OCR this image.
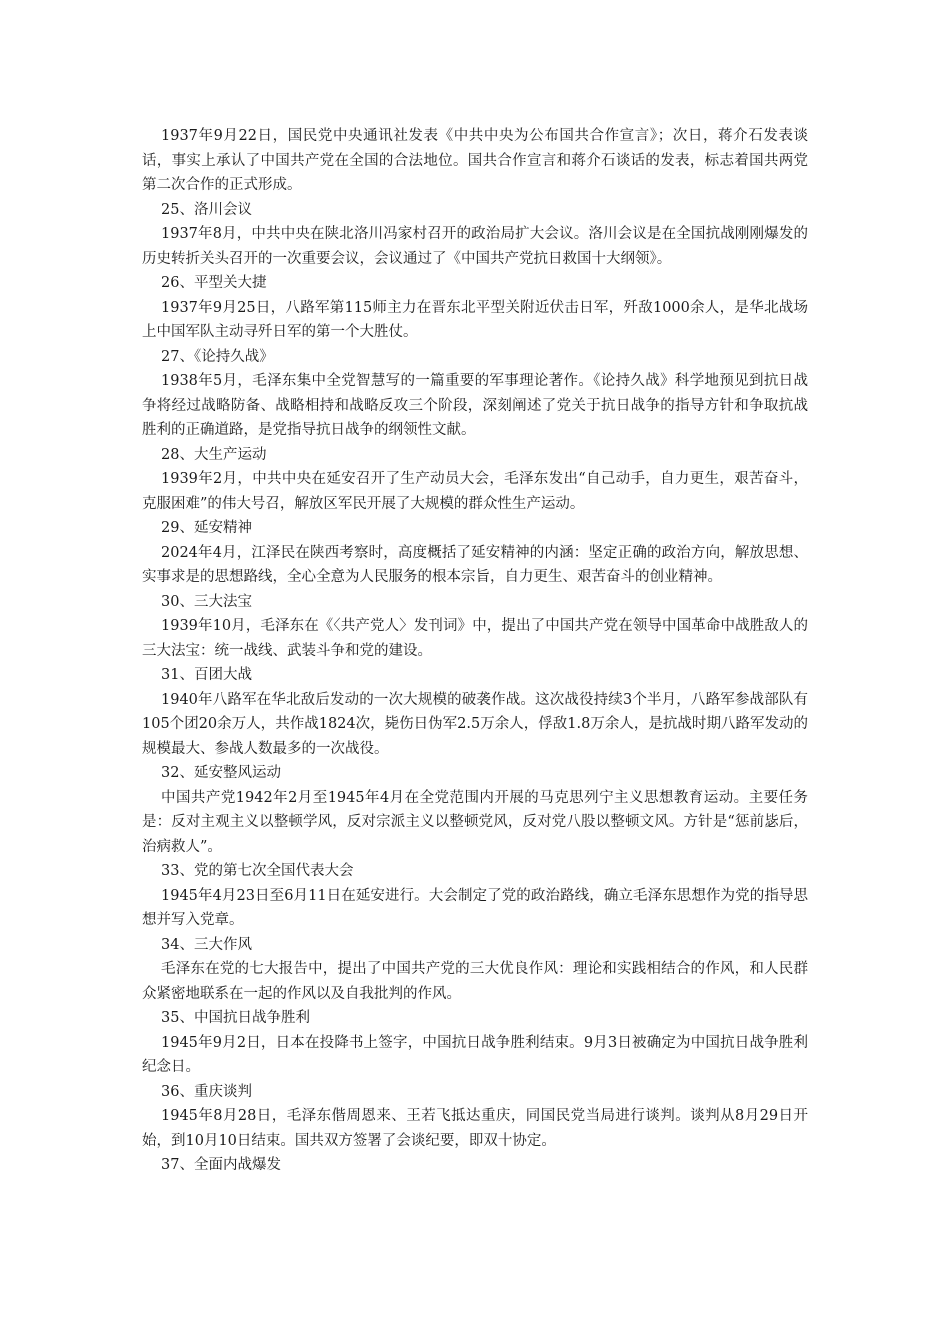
1937年9月22日，国民党中央通讯社发表《中共中央为公布国共合作宣言》；次日，蒋介石发表谈话，事实上承认了中国共产党在全国的合法地位。国共合作宣言和蒋介石谈话的发表，标志着国共两党第二次合作的正式形成。

25、洛川会议

1937年8月，中共中央在陕北洛川冯家村召开的政治局扩大会议。洛川会议是在全国抗战刚刚爆发的历史转折关头召开的一次重要会议，会议通过了《中国共产党抗日救国十大纲领》。

26、平型关大捷

1937年9月25日，八路军第115师主力在晋东北平型关附近伏击日军，歼敌1000余人，是华北战场上中国军队主动寻歼日军的第一个大胜仗。

27、《论持久战》

1938年5月，毛泽东集中全党智慧写的一篇重要的军事理论著作。《论持久战》科学地预见到抗日战争将经过战略防备、战略相持和战略反攻三个阶段，深刻阐述了党关于抗日战争的指导方针和争取抗战胜利的正确道路，是党指导抗日战争的纲领性文献。

28、大生产运动

1939年2月，中共中央在延安召开了生产动员大会，毛泽东发出“自己动手，自力更生，艰苦奋斗，克服困难”的伟大号召，解放区军民开展了大规模的群众性生产运动。

29、延安精神

2024年4月，江泽民在陕西考察时，高度概括了延安精神的内涵：坚定正确的政治方向，解放思想、实事求是的思想路线，全心全意为人民服务的根本宗旨，自力更生、艰苦奋斗的创业精神。

30、三大法宝

1939年10月，毛泽东在《〈共产党人〉发刊词》中，提出了中国共产党在领导中国革命中战胜敌人的三大法宝：统一战线、武装斗争和党的建设。

31、百团大战

1940年八路军在华北敌后发动的一次大规模的破袭作战。这次战役持续3个半月，八路军参战部队有105个团20余万人，共作战1824次，毙伤日伪军2.5万余人，俘敌1.8万余人，是抗战时期八路军发动的规模最大、参战人数最多的一次战役。

32、延安整风运动

中国共产党1942年2月至1945年4月在全党范围内开展的马克思列宁主义思想教育运动。主要任务是：反对主观主义以整顿学风，反对宗派主义以整顿党风，反对党八股以整顿文风。方针是“惩前毖后，治病救人”。

33、党的第七次全国代表大会

1945年4月23日至6月11日在延安进行。大会制定了党的政治路线，确立毛泽东思想作为党的指导思想并写入党章。

34、三大作风

毛泽东在党的七大报告中，提出了中国共产党的三大优良作风：理论和实践相结合的作风，和人民群众紧密地联系在一起的作风以及自我批判的作风。

35、中国抗日战争胜利

1945年9月2日，日本在投降书上签字，中国抗日战争胜利结束。9月3日被确定为中国抗日战争胜利纪念日。

36、重庆谈判

1945年8月28日，毛泽东偕周恩来、王若飞抵达重庆，同国民党当局进行谈判。谈判从8月29日开始，到10月10日结束。国共双方签署了会谈纪要，即双十协定。

37、全面内战爆发
